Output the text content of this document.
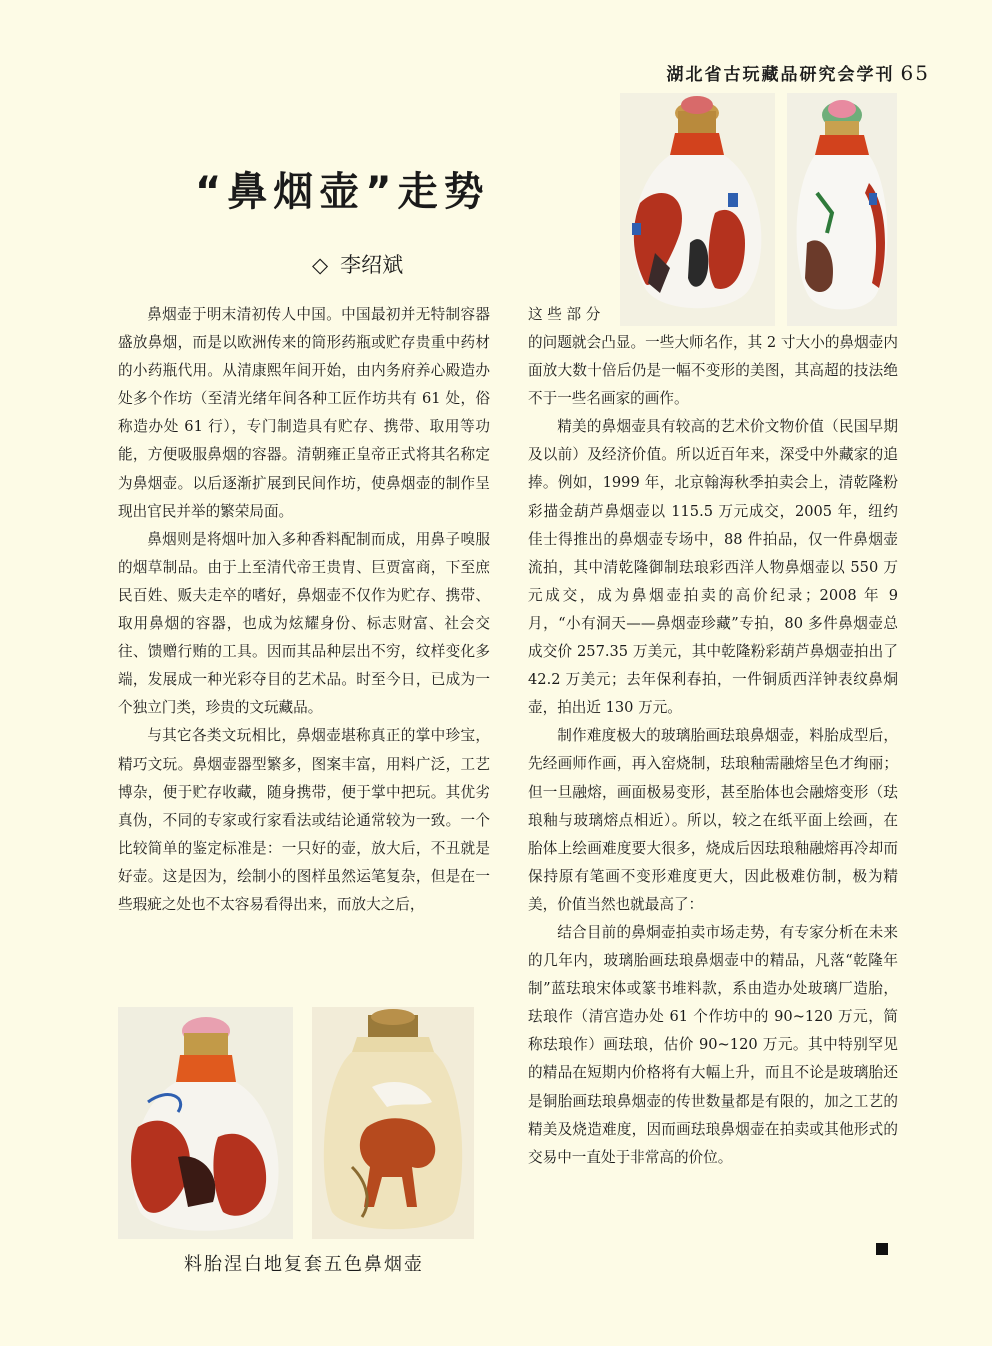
湖北省古玩藏品研究会学刊 65
“鼻烟壶”走势
◇ 李绍斌

鼻烟壶于明末清初传人中国。中国最初并无特制容器盛放鼻烟，而是以欧洲传来的筒形药瓶或贮存贵重中药材的小药瓶代用。从清康熙年间开始，由内务府养心殿造办处多个作坊（至清光绪年间各种工匠作坊共有 61 处，俗称造办处 61 行），专门制造具有贮存、携带、取用等功能，方便吸服鼻烟的容器。清朝雍正皇帝正式将其名称定为鼻烟壶。以后逐渐扩展到民间作坊，使鼻烟壶的制作呈现出官民并举的繁荣局面。

鼻烟则是将烟叶加入多种香料配制而成，用鼻子嗅服的烟草制品。由于上至清代帝王贵胄、巨贾富商，下至庶民百姓、贩夫走卒的嗜好，鼻烟壶不仅作为贮存、携带、取用鼻烟的容器，也成为炫耀身份、标志财富、社会交往、馈赠行贿的工具。因而其品种层出不穷，纹样变化多端，发展成一种光彩夺目的艺术品。时至今日，已成为一个独立门类，珍贵的文玩藏品。

与其它各类文玩相比，鼻烟壶堪称真正的掌中珍宝，精巧文玩。鼻烟壶器型繁多，图案丰富，用料广泛，工艺博杂，便于贮存收藏，随身携带，便于掌中把玩。其优劣真伪，不同的专家或行家看法或结论通常较为一致。一个比较简单的鉴定标准是：一只好的壶，放大后，不丑就是好壶。这是因为，绘制小的图样虽然运笔复杂，但是在一些瑕疵之处也不太容易看得出来，而放大之后，

这 些 部 分

的问题就会凸显。一些大师名作，其 2 寸大小的鼻烟壶内面放大数十倍后仍是一幅不变形的美图，其高超的技法绝不于一些名画家的画作。

精美的鼻烟壶具有较高的艺术价文物价值（民国早期及以前）及经济价值。所以近百年来，深受中外藏家的追捧。例如，1999 年，北京翰海秋季拍卖会上，清乾隆粉彩描金葫芦鼻烟壶以 115.5 万元成交，2005 年，纽约佳士得推出的鼻烟壶专场中，88 件拍品，仅一件鼻烟壶流拍，其中清乾隆御制珐琅彩西洋人物鼻烟壶以 550 万元成交，成为鼻烟壶拍卖的高价纪录；2008 年 9 月，“小有洞天——鼻烟壶珍藏”专拍，80 多件鼻烟壶总成交价 257.35 万美元，其中乾隆粉彩葫芦鼻烟壶拍出了 42.2 万美元；去年保利春拍，一件铜质西洋钟表纹鼻烔壶，拍出近 130 万元。

制作难度极大的玻璃胎画珐琅鼻烟壶，料胎成型后，先经画师作画，再入窑烧制，珐琅釉需融熔呈色才绚丽；但一旦融熔，画面极易变形，甚至胎体也会融熔变形（珐琅釉与玻璃熔点相近）。所以，较之在纸平面上绘画，在胎体上绘画难度要大很多，烧成后因珐琅釉融熔再冷却而保持原有笔画不变形难度更大，因此极难仿制，极为精美，价值当然也就最高了：

结合目前的鼻烔壶拍卖市场走势，有专家分析在未来的几年内，玻璃胎画珐琅鼻烟壶中的精品，凡落“乾隆年制”蓝珐琅宋体或篆书堆料款，系由造办处玻璃厂造胎，珐琅作（清宫造办处 61 个作坊中的 90~120 万元，简称珐琅作）画珐琅，估价 90~120 万元。其中特别罕见的精品在短期内价格将有大幅上升，而且不论是玻璃胎还是铜胎画珐琅鼻烟壶的传世数量都是有限的，加之工艺的精美及烧造难度，因而画珐琅鼻烟壶在拍卖或其他形式的交易中一直处于非常高的价位。

料胎涅白地复套五色鼻烟壶
